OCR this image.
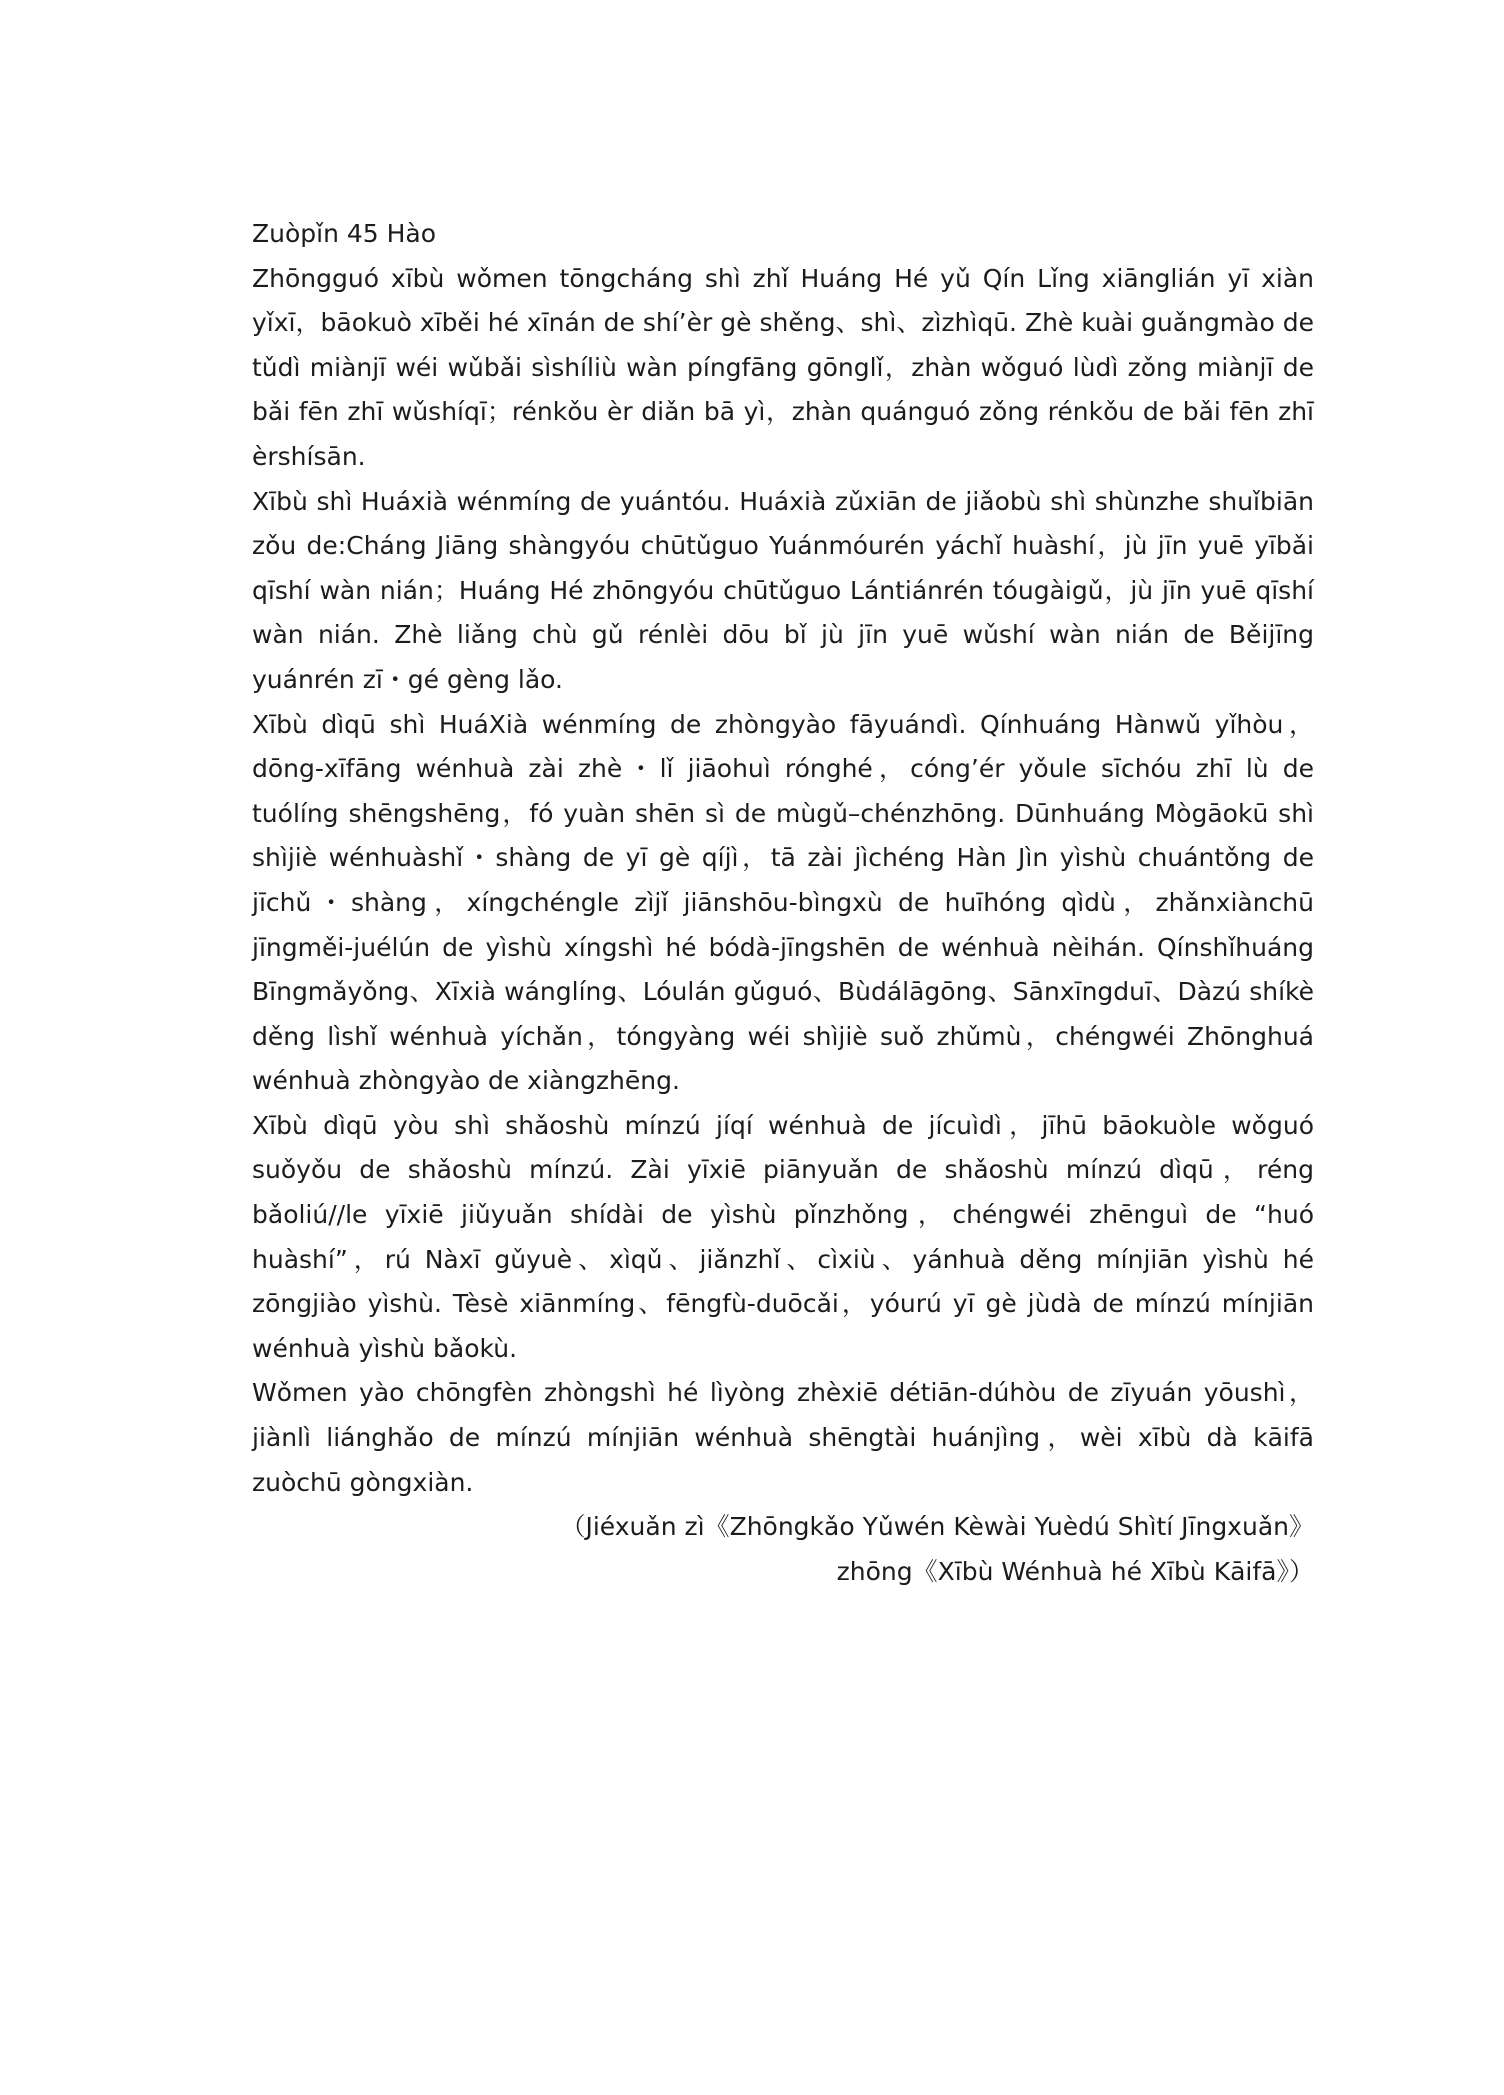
Zuòpǐn 45 Hào

Zhōngguó xībù wǒmen tōngcháng shì zhǐ Huáng Hé yǔ Qín Lǐng xiānglián yī xiàn yǐxī，bāokuò xīběi hé xīnán de shí’èr gè shěng、shì、zìzhìqū. Zhè kuài guǎngmào de tǔdì miànjī wéi wǔbǎi sìshíliù wàn píngfāng gōnglǐ，zhàn wǒguó lùdì zǒng miànjī de bǎi fēn zhī wǔshíqī；rénkǒu èr diǎn bā yì，zhàn quánguó zǒng rénkǒu de bǎi fēn zhī èrshísān.

Xībù shì Huáxià wénmíng de yuántóu. Huáxià zǔxiān de jiǎobù shì shùnzhe shuǐbiān zǒu de:Cháng Jiāng shàngyóu chūtǔguo Yuánmóurén yáchǐ huàshí，jù jīn yuē yībǎi qīshí wàn nián；Huáng Hé zhōngyóu chūtǔguo Lántiánrén tóugàigǔ，jù jīn yuē qīshí wàn nián. Zhè liǎng chù gǔ rénlèi dōu bǐ jù jīn yuē wǔshí wàn nián de Běijīng yuánrén zī・gé gèng lǎo.

Xībù dìqū shì HuáXià wénmíng de zhòngyào fāyuándì. Qínhuáng Hànwǔ yǐhòu，dōng-xīfāng wénhuà zài zhè・lǐ jiāohuì rónghé，cóng’ér yǒule sīchóu zhī lù de tuólíng shēngshēng，fó yuàn shēn sì de mùgǔ–chénzhōng. Dūnhuáng Mògāokū shì shìjiè wénhuàshǐ・shàng de yī gè qíjì，tā zài jìchéng Hàn Jìn yìshù chuántǒng de jīchǔ・shàng，xíngchéngle zìjǐ jiānshōu-bìngxù de huīhóng qìdù，zhǎnxiànchū jīngměi-juélún de yìshù xíngshì hé bódà-jīngshēn de wénhuà nèihán. Qínshǐhuáng Bīngmǎyǒng、Xīxià wánglíng、Lóulán gǔguó、Bùdálāgōng、Sānxīngduī、Dàzú shíkè děng lìshǐ wénhuà yíchǎn，tóngyàng wéi shìjiè suǒ zhǔmù，chéngwéi Zhōnghuá wénhuà zhòngyào de xiàngzhēng.

Xībù dìqū yòu shì shǎoshù mínzú jíqí wénhuà de jícuìdì，jīhū bāokuòle wǒguó suǒyǒu de shǎoshù mínzú. Zài yīxiē piānyuǎn de shǎoshù mínzú dìqū，réng bǎoliú//le yīxiē jiǔyuǎn shídài de yìshù pǐnzhǒng，chéngwéi zhēnguì de “huó huàshí”，rú Nàxī gǔyuè、xìqǔ、jiǎnzhǐ、cìxiù、yánhuà děng mínjiān yìshù hé zōngjiào yìshù. Tèsè xiānmíng、fēngfù-duōcǎi，yóurú yī gè jùdà de mínzú mínjiān wénhuà yìshù bǎokù.

Wǒmen yào chōngfèn zhòngshì hé lìyòng zhèxiē détiān-dúhòu de zīyuán yōushì，jiànlì liánghǎo de mínzú mínjiān wénhuà shēngtài huánjìng，wèi xībù dà kāifā zuòchū gòngxiàn.

（Jiéxuǎn zì《Zhōngkǎo Yǔwén Kèwài Yuèdú Shìtí Jīngxuǎn》
zhōng《Xībù Wénhuà hé Xībù Kāifā》）
